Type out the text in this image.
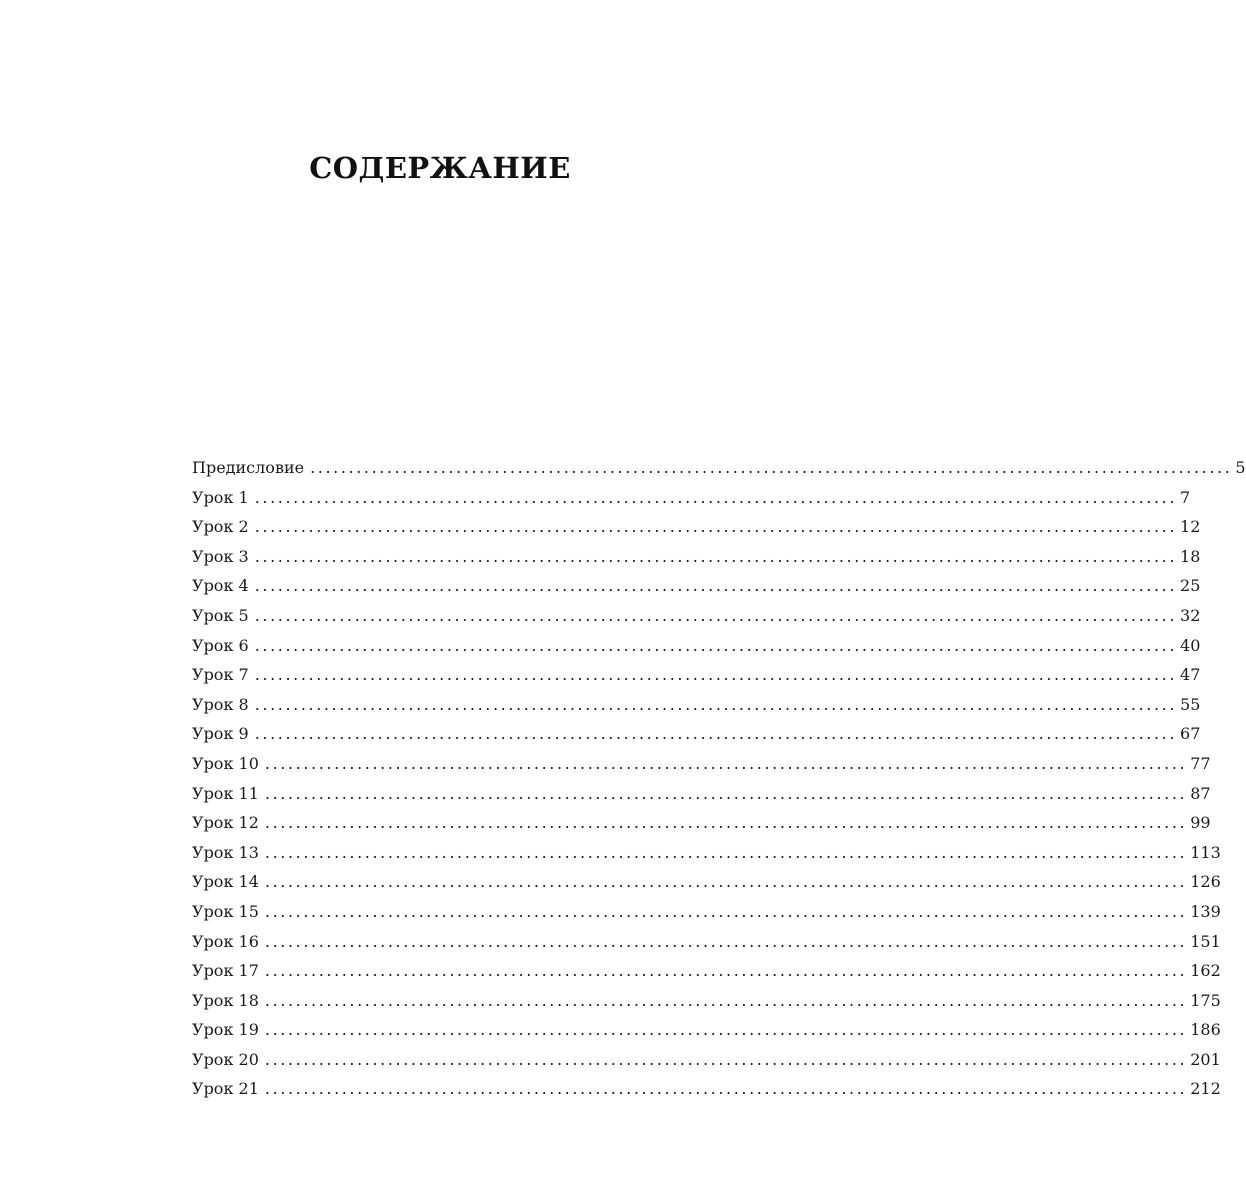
СОДЕРЖАНИЕ
Предисловие ........................................................................................................................ 5
Урок 1 ........................................................................................................................ 7
Урок 2 ........................................................................................................................ 12
Урок 3 ........................................................................................................................ 18
Урок 4 ........................................................................................................................ 25
Урок 5 ........................................................................................................................ 32
Урок 6 ........................................................................................................................ 40
Урок 7 ........................................................................................................................ 47
Урок 8 ........................................................................................................................ 55
Урок 9 ........................................................................................................................ 67
Урок 10 ........................................................................................................................ 77
Урок 11 ........................................................................................................................ 87
Урок 12 ........................................................................................................................ 99
Урок 13 ........................................................................................................................ 113
Урок 14 ........................................................................................................................ 126
Урок 15 ........................................................................................................................ 139
Урок 16 ........................................................................................................................ 151
Урок 17 ........................................................................................................................ 162
Урок 18 ........................................................................................................................ 175
Урок 19 ........................................................................................................................ 186
Урок 20 ........................................................................................................................ 201
Урок 21 ........................................................................................................................ 212
